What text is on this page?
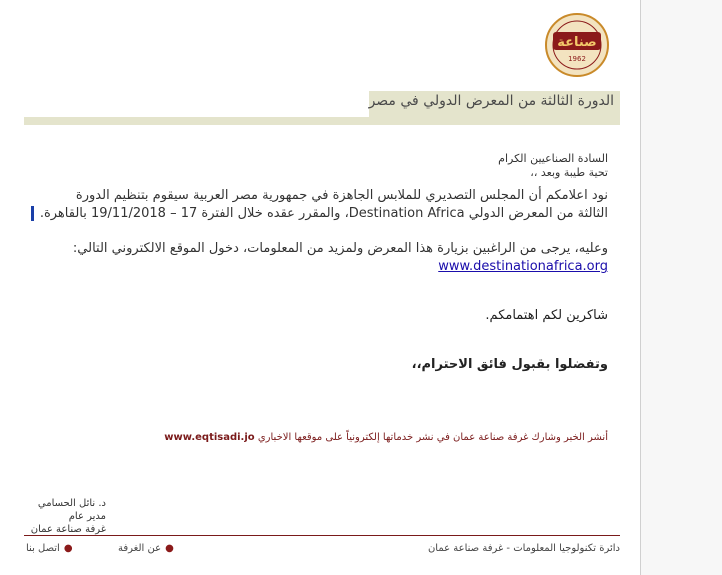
صناعة
1962
الدورة الثالثة من المعرض الدولي في مصر
السادة الصناعيين الكرام
تحية طيبة وبعد ،،
نود اعلامكم أن المجلس التصديري للملابس الجاهزة في جمهورية مصر العربية سيقوم بتنظيم الدورة
الثالثة من المعرض الدولي Destination Africa، والمقرر عقده خلال الفترة 17 – 19/11/2018 بالقاهرة.
وعليه، يرجى من الراغبين بزيارة هذا المعرض ولمزيد من المعلومات، دخول الموقع الالكتروني التالي:
www.destinationafrica.org
شاكرين لكم اهتمامكم.
وتفضلوا بقبول فائق الاحترام،،
أنشر الخبر وشارك غرفة صناعة عمان في نشر خدماتها إلكترونياً على موقعها الاخباري www.eqtisadi.jo
د. نائل الحسامي
مدير عام
غرفة صناعة عمان
دائرة تكنولوجيا المعلومات - غرفة صناعة عمان
●عن الغرفة
●اتصل بنا
